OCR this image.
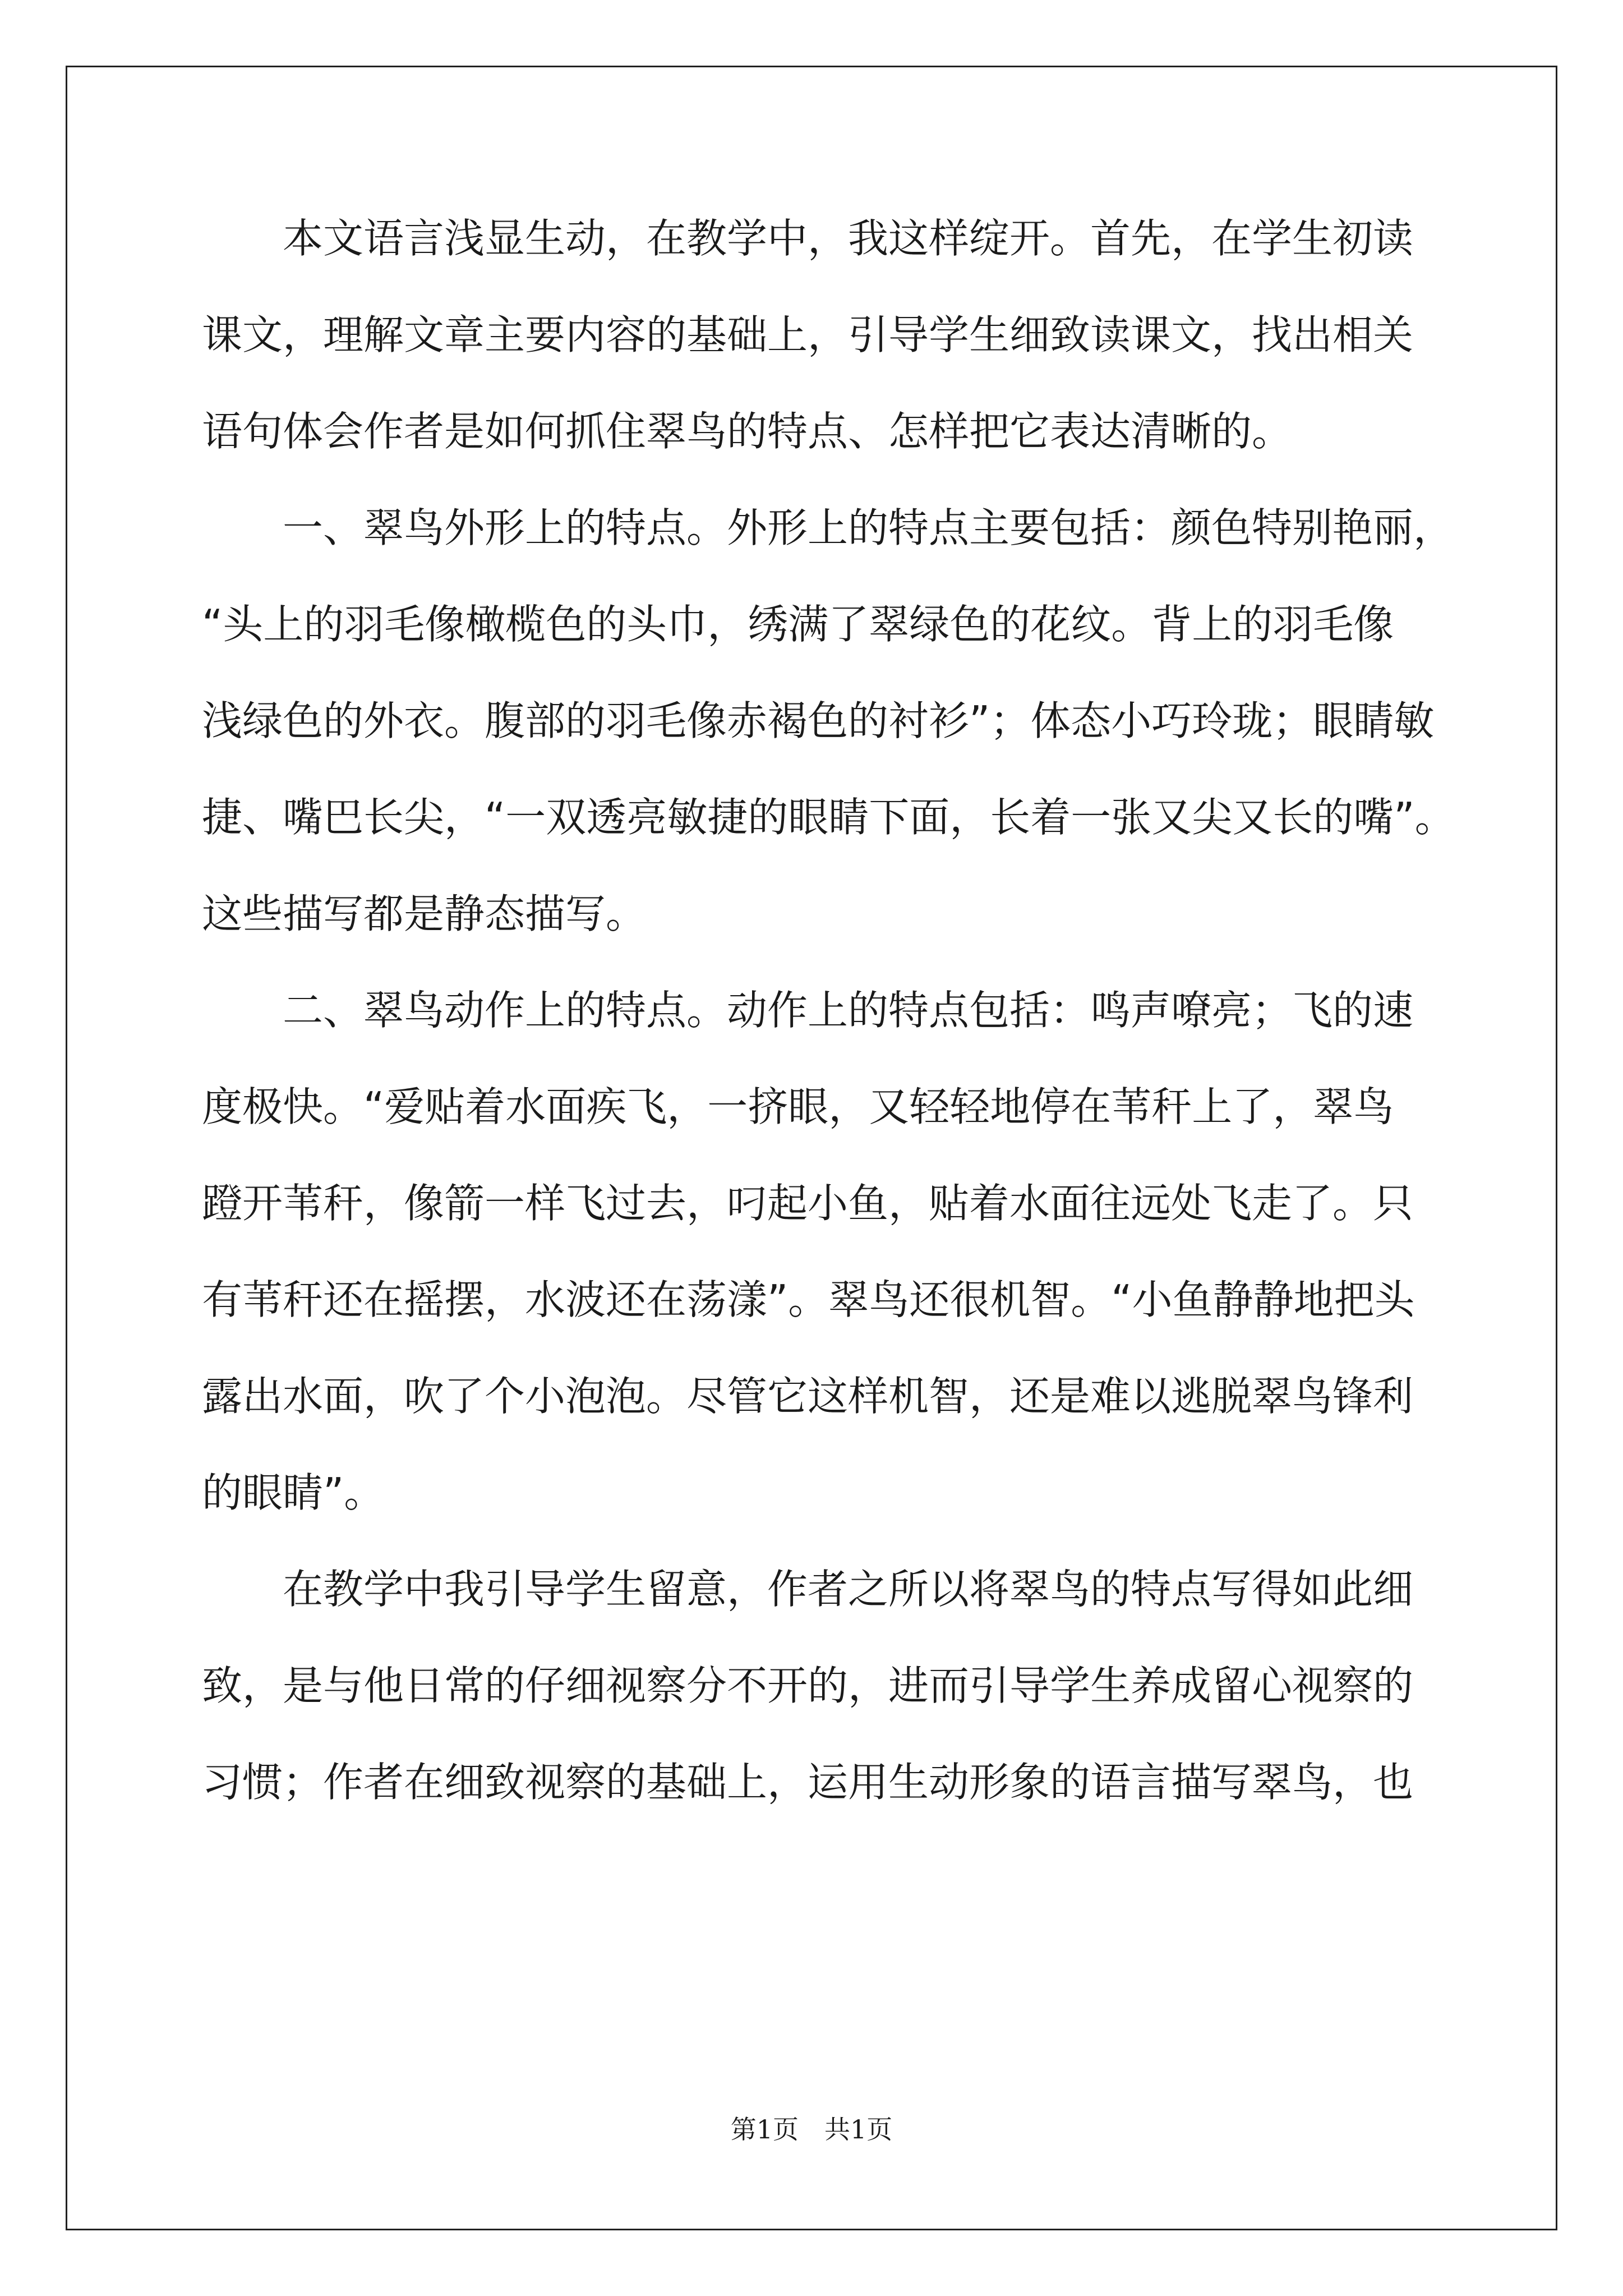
　　本文语言浅显生动，在教学中，我这样绽开。首先，在学生初读
课文，理解文章主要内容的基础上，引导学生细致读课文，找出相关
语句体会作者是如何抓住翠鸟的特点、怎样把它表达清晰的。
　　一、翠鸟外形上的特点。外形上的特点主要包括：颜色特别艳丽，
“头上的羽毛像橄榄色的头巾，绣满了翠绿色的花纹。背上的羽毛像
浅绿色的外衣。腹部的羽毛像赤褐色的衬衫”；体态小巧玲珑；眼睛敏
捷、嘴巴长尖，“一双透亮敏捷的眼睛下面，长着一张又尖又长的嘴”。
这些描写都是静态描写。
　　二、翠鸟动作上的特点。动作上的特点包括：鸣声嘹亮；飞的速
度极快。“爱贴着水面疾飞，一挤眼，又轻轻地停在苇秆上了，翠鸟
蹬开苇秆，像箭一样飞过去，叼起小鱼，贴着水面往远处飞走了。只
有苇秆还在摇摆，水波还在荡漾”。翠鸟还很机智。“小鱼静静地把头
露出水面，吹了个小泡泡。尽管它这样机智，还是难以逃脱翠鸟锋利
的眼睛”。
　　在教学中我引导学生留意，作者之所以将翠鸟的特点写得如此细
致，是与他日常的仔细视察分不开的，进而引导学生养成留心视察的
习惯；作者在细致视察的基础上，运用生动形象的语言描写翠鸟，也
第1页　共1页
